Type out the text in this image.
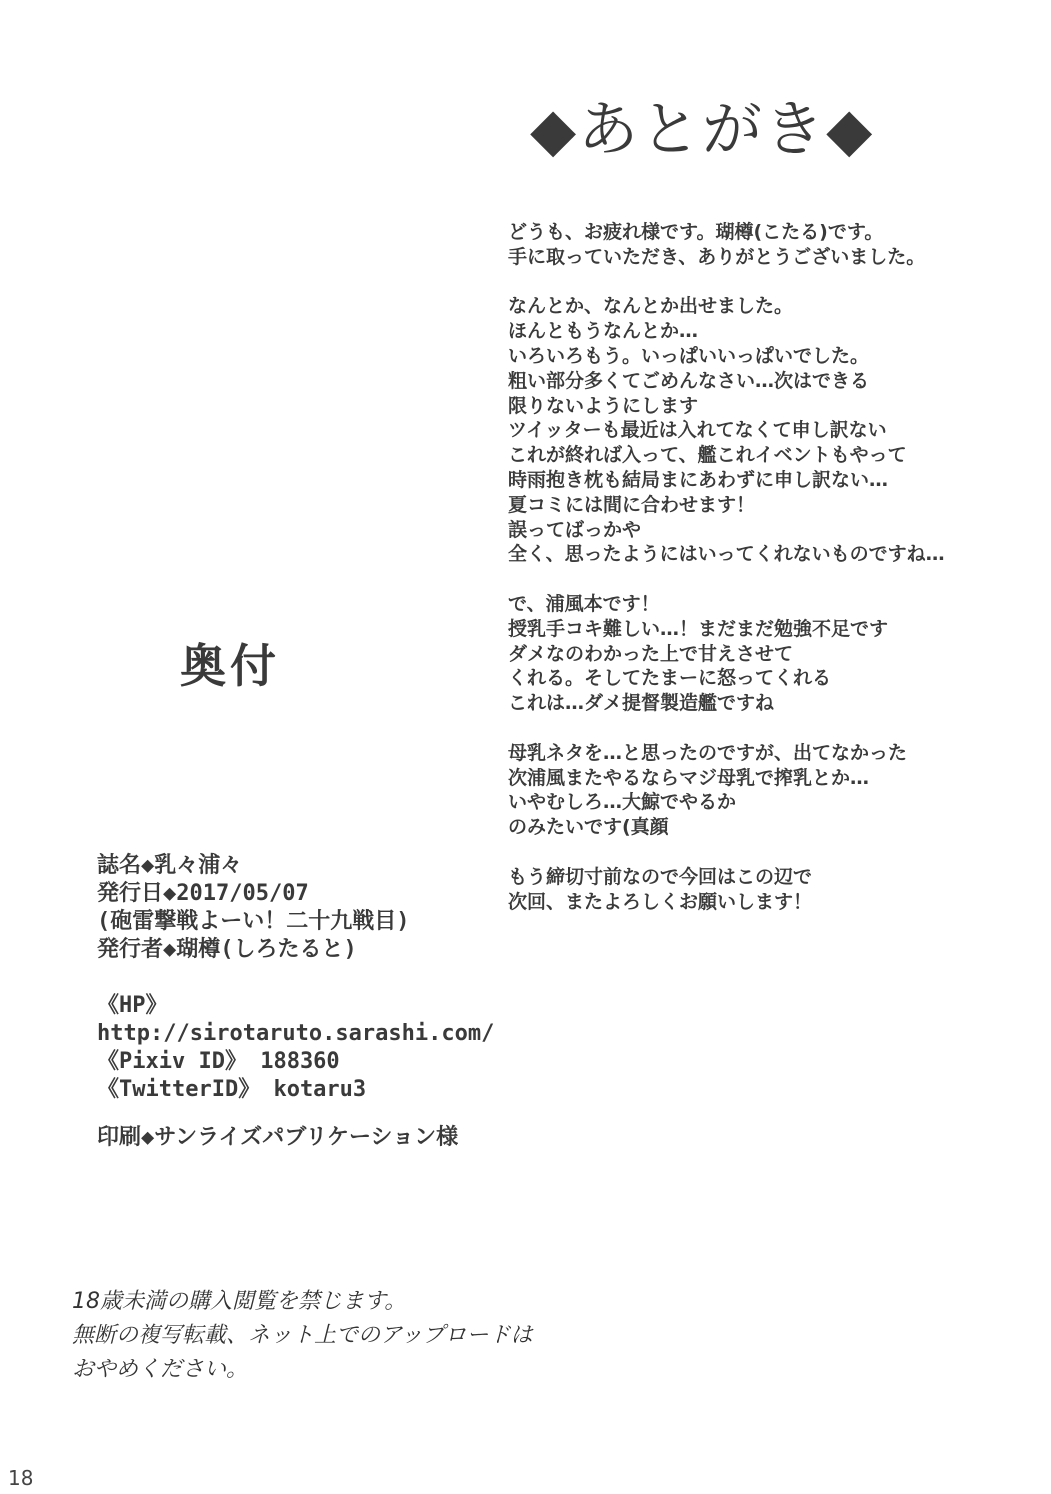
◆あとがき◆
どうも、お疲れ様です。瑚樽(こたる)です。
手に取っていただき、ありがとうございました。
なんとか、なんとか出せました。
ほんともうなんとか…
いろいろもう。いっぱいいっぱいでした。
粗い部分多くてごめんなさい…次はできる
限りないようにします
ツイッターも最近は入れてなくて申し訳ない
これが終れば入って、艦これイベントもやって
時雨抱き枕も結局まにあわずに申し訳ない…
夏コミには間に合わせます！
誤ってばっかや
全く、思ったようにはいってくれないものですね…
で、浦風本です！
授乳手コキ難しい…！まだまだ勉強不足です
ダメなのわかった上で甘えさせて
くれる。そしてたまーに怒ってくれる
これは…ダメ提督製造艦ですね
母乳ネタを…と思ったのですが、出てなかった
次浦風またやるならマジ母乳で搾乳とか…
いやむしろ…大鯨でやるか
のみたいです(真顔
もう締切寸前なので今回はこの辺で
次回、またよろしくお願いします！
奥付
誌名◆乳々浦々
発行日◆2017/05/07
(砲雷撃戦よーい！二十九戦目)
発行者◆瑚樽(しろたると)
《HP》
http://sirotaruto.sarashi.com/
《Pixiv ID》 188360
《TwitterID》 kotaru3
印刷◆サンライズパブリケーション様
18歳未満の購入閲覧を禁じます。
無断の複写転載、ネット上でのアップロードは
おやめください。
18
